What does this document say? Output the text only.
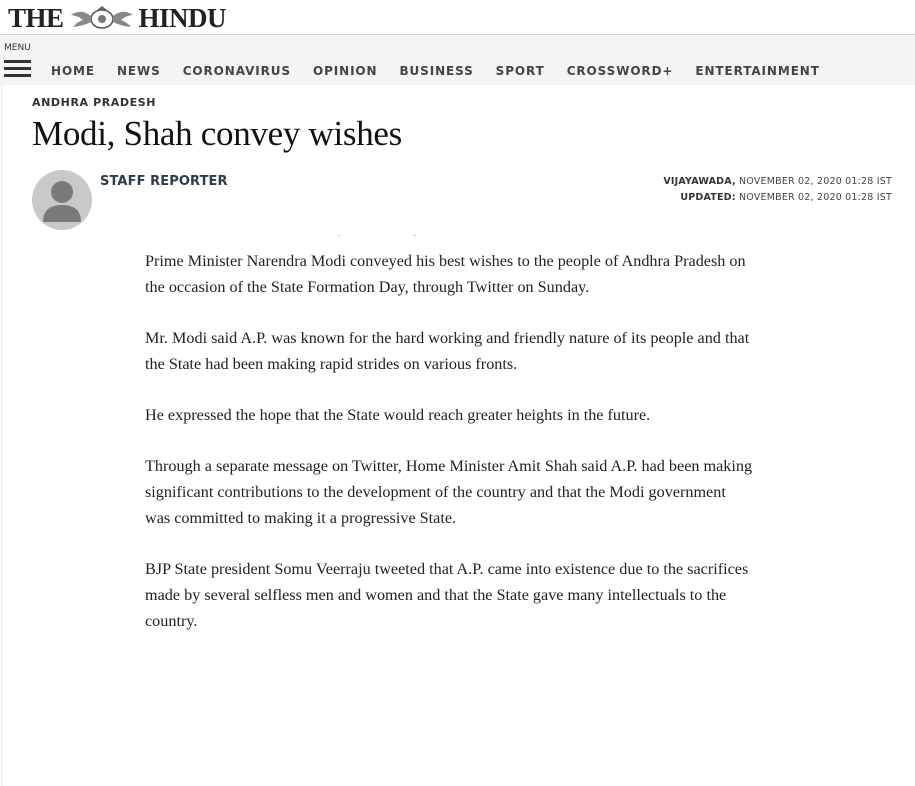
THE	HINDU
MENU
HOME NEWS CORONAVIRUS OPINION BUSINESS SPORT CROSSWORD+ ENTERTAINMENT
ANDHRA PRADESH
Modi, Shah convey wishes
STAFF REPORTER	VIJAYAWADA, NOVEMBER 02, 2020 01:28 IST
UPDATED: NOVEMBER 02, 2020 01:28 IST

Prime Minister Narendra Modi conveyed his best wishes to the people of Andhra Pradesh on the occasion of the State Formation Day, through Twitter on Sunday.

Mr. Modi said A.P. was known for the hard working and friendly nature of its people and that the State had been making rapid strides on various fronts.

He expressed the hope that the State would reach greater heights in the future.

Through a separate message on Twitter, Home Minister Amit Shah said A.P. had been making significant contributions to the development of the country and that the Modi government was committed to making it a progressive State.

BJP State president Somu Veerraju tweeted that A.P. came into existence due to the sacrifices made by several selfless men and women and that the State gave many intellectuals to the country.
